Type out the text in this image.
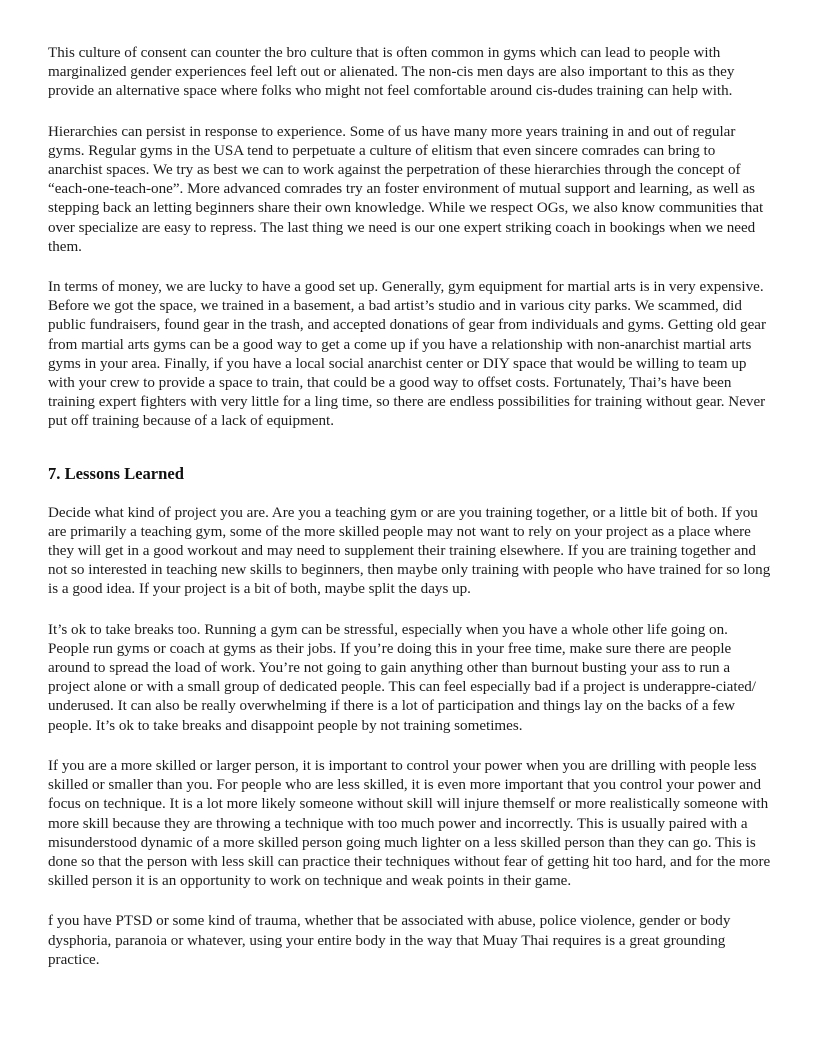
This culture of consent can counter the bro culture that is often common in gyms which can lead to people with marginalized gender experiences feel left out or alienated. The non-cis men days are also important to this as they provide an alternative space where folks who might not feel comfortable around cis-dudes training can help with.

Hierarchies can persist in response to experience. Some of us have many more years training in and out of regular gyms. Regular gyms in the USA tend to perpetuate a culture of elitism that even sincere comrades can bring to anarchist spaces. We try as best we can to work against the perpetration of these hierarchies through the concept of “each-one-teach-one”. More advanced comrades try an foster environment of mutual support and learning, as well as stepping back an letting beginners share their own knowledge. While we respect OGs, we also know communities that over specialize are easy to repress. The last thing we need is our one expert striking coach in bookings when we need them.

In terms of money, we are lucky to have a good set up. Generally, gym equipment for martial arts is in very expensive. Before we got the space, we trained in a basement, a bad artist’s studio and in various city parks. We scammed, did public fundraisers, found gear in the trash, and accepted donations of gear from individuals and gyms. Getting old gear from martial arts gyms can be a good way to get a come up if you have a relationship with non-anarchist martial arts gyms in your area. Finally, if you have a local social anarchist center or DIY space that would be willing to team up with your crew to provide a space to train, that could be a good way to offset costs. Fortunately, Thai’s have been training expert fighters with very little for a ling time, so there are endless possibilities for training without gear. Never put off training because of a lack of equipment.

7. Lessons Learned

Decide what kind of project you are. Are you a teaching gym or are you training together, or a little bit of both. If you are primarily a teaching gym, some of the more skilled people may not want to rely on your project as a place where they will get in a good workout and may need to supplement their training elsewhere. If you are training together and not so interested in teaching new skills to beginners, then maybe only training with people who have trained for so long is a good idea. If your project is a bit of both, maybe split the days up.

It’s ok to take breaks too. Running a gym can be stressful, especially when you have a whole other life going on. People run gyms or coach at gyms as their jobs. If you’re doing this in your free time, make sure there are people around to spread the load of work. You’re not going to gain anything other than burnout busting your ass to run a project alone or with a small group of dedicated people. This can feel especially bad if a project is underappre-ciated/ underused. It can also be really overwhelming if there is a lot of participation and things lay on the backs of a few people. It’s ok to take breaks and disappoint people by not training sometimes.

If you are a more skilled or larger person, it is important to control your power when you are drilling with people less skilled or smaller than you. For people who are less skilled, it is even more important that you control your power and focus on technique. It is a lot more likely someone without skill will injure themself or more realistically someone with more skill because they are throwing a technique with too much power and incorrectly. This is usually paired with a misunderstood dynamic of a more skilled person going much lighter on a less skilled person than they can go. This is done so that the person with less skill can practice their techniques without fear of getting hit too hard, and for the more skilled person it is an opportunity to work on technique and weak points in their game.

f you have PTSD or some kind of trauma, whether that be associated with abuse, police violence, gender or body dysphoria, paranoia or whatever, using your entire body in the way that Muay Thai requires is a great grounding practice.
